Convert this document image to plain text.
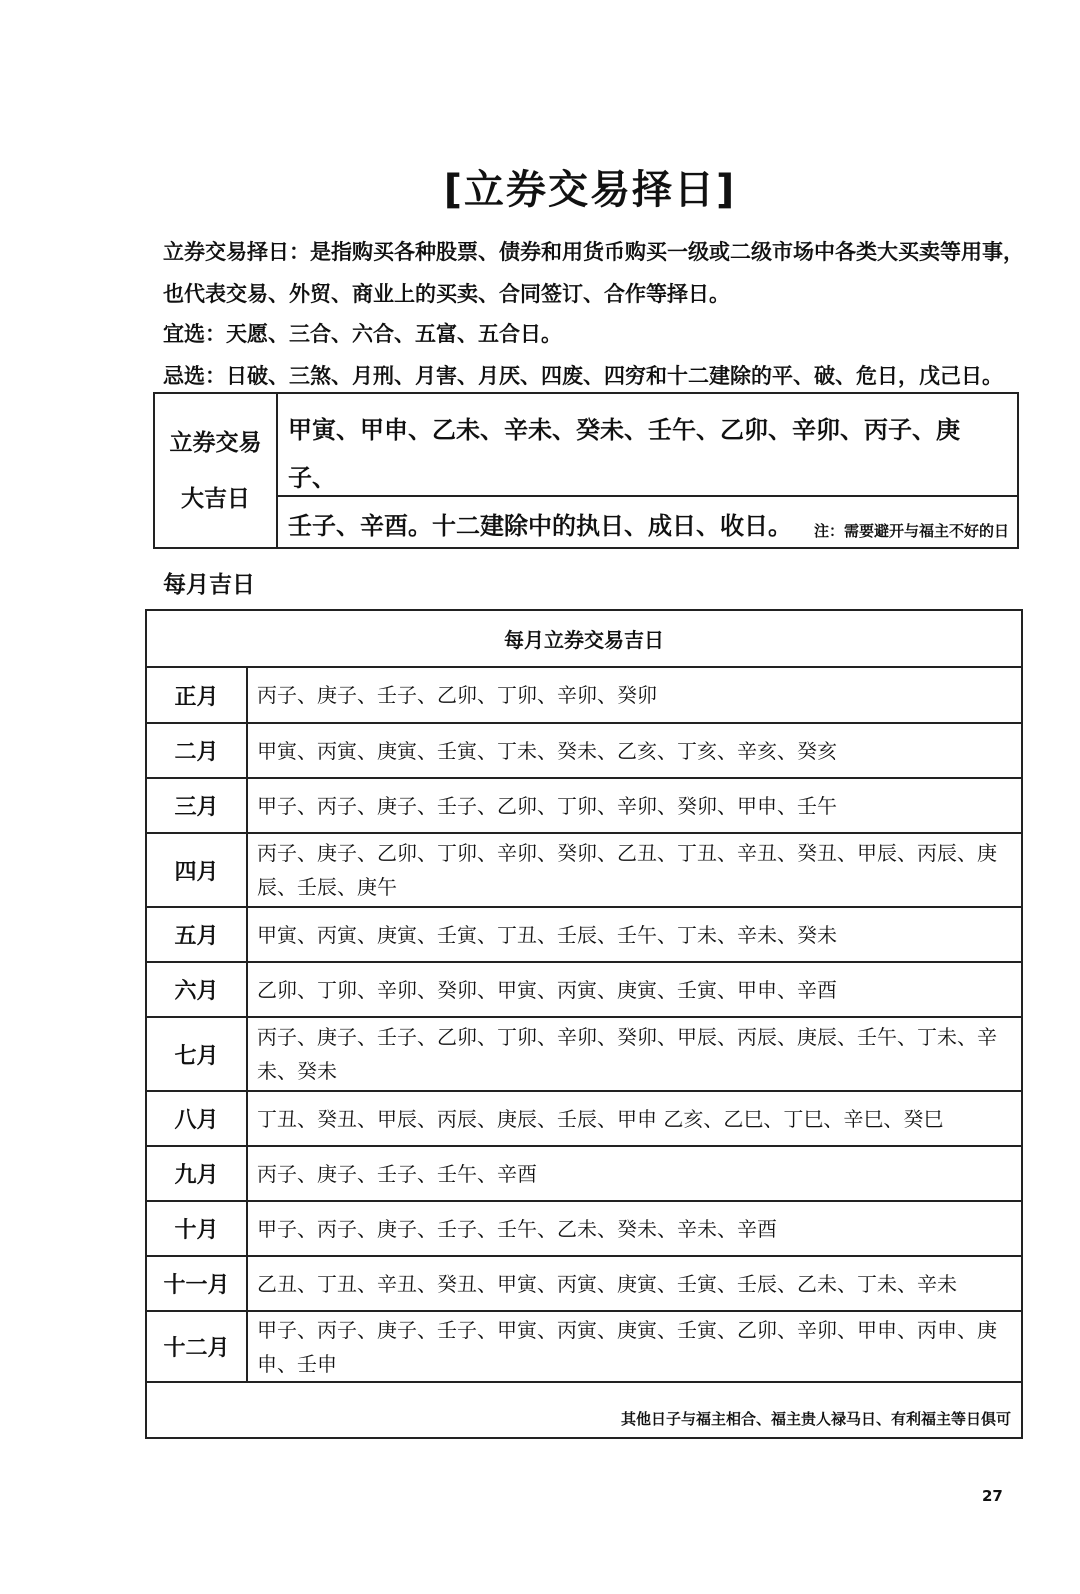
[立券交易择日]
立券交易择日：是指购买各种股票、债券和用货币购买一级或二级市场中各类大买卖等用事，
也代表交易、外贸、商业上的买卖、合同签订、合作等择日。
宜选：天愿、三合、六合、五富、五合日。
忌选：日破、三煞、月刑、月害、月厌、四废、四穷和十二建除的平、破、危日，戊己日。
立券交易
大吉日
甲寅、甲申、乙未、辛未、癸未、壬午、乙卯、辛卯、丙子、庚子、
壬子、辛酉。十二建除中的执日、成日、收日。	注：需要避开与福主不好的日
每月吉日
每月立券交易吉日
正月	丙子、庚子、壬子、乙卯、丁卯、辛卯、癸卯
二月	甲寅、丙寅、庚寅、壬寅、丁未、癸未、乙亥、丁亥、辛亥、癸亥
三月	甲子、丙子、庚子、壬子、乙卯、丁卯、辛卯、癸卯、甲申、壬午
四月
丙子、庚子、乙卯、丁卯、辛卯、癸卯、乙丑、丁丑、辛丑、癸丑、甲辰、丙辰、庚辰、壬辰、庚午
五月	甲寅、丙寅、庚寅、壬寅、丁丑、壬辰、壬午、丁未、辛未、癸未
六月	乙卯、丁卯、辛卯、癸卯、甲寅、丙寅、庚寅、壬寅、甲申、辛酉
七月
丙子、庚子、壬子、乙卯、丁卯、辛卯、癸卯、甲辰、丙辰、庚辰、壬午、丁未、辛未、癸未
八月	丁丑、癸丑、甲辰、丙辰、庚辰、壬辰、甲申 乙亥、乙巳、丁巳、辛巳、癸巳
九月	丙子、庚子、壬子、壬午、辛酉
十月	甲子、丙子、庚子、壬子、壬午、乙未、癸未、辛未、辛酉
十一月	乙丑、丁丑、辛丑、癸丑、甲寅、丙寅、庚寅、壬寅、壬辰、乙未、丁未、辛未
十二月
甲子、丙子、庚子、壬子、甲寅、丙寅、庚寅、壬寅、乙卯、辛卯、甲申、丙申、庚申、壬申
其他日子与福主相合、福主贵人禄马日、有利福主等日俱可
27
